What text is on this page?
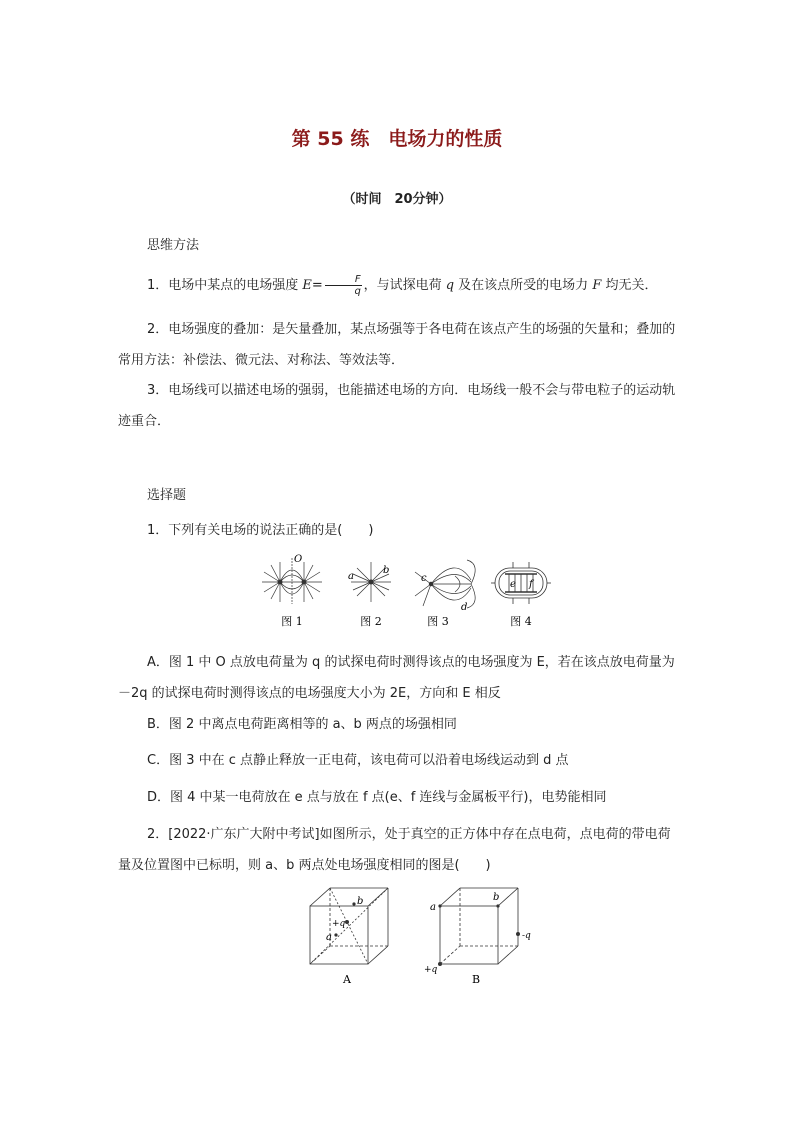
第 55 练　电场力的性质
（时间　20分钟）
思维方法
1．电场中某点的电场强度 $E= \frac{F}{q}$ ，与试探电荷 q 及在该点所受的电场力 F 均无关．
2．电场强度的叠加：是矢量叠加，某点场强等于各电荷在该点产生的场强的矢量和；叠加的常用方法：补偿法、微元法、对称法、等效法等．
3．电场线可以描述电场的强弱，也能描述电场的方向．电场线一般不会与带电粒子的运动轨迹重合．
选择题
1．下列有关电场的说法正确的是(　　)
O
a
b
c
d
e f
图 1	图 2	图 3	图 4
A．图 1 中 O 点放电荷量为 q 的试探电荷时测得该点的电场强度为 E，若在该点放电荷量为－2q 的试探电荷时测得该点的电场强度大小为 2E，方向和 E 相反
B．图 2 中离点电荷距离相等的 a、b 两点的场强相同
C．图 3 中在 c 点静止释放一正电荷，该电荷可以沿着电场线运动到 d 点
D．图 4 中某一电荷放在 e 点与放在 f 点(e、f 连线与金属板平行)，电势能相同
2．[2022·广东广大附中考试]如图所示，处于真空的正方体中存在点电荷，点电荷的带电荷量及位置图中已标明，则 a、b 两点处电场强度相同的图是(　　)
b
+q
a
a
b
+q
-q
A	B
